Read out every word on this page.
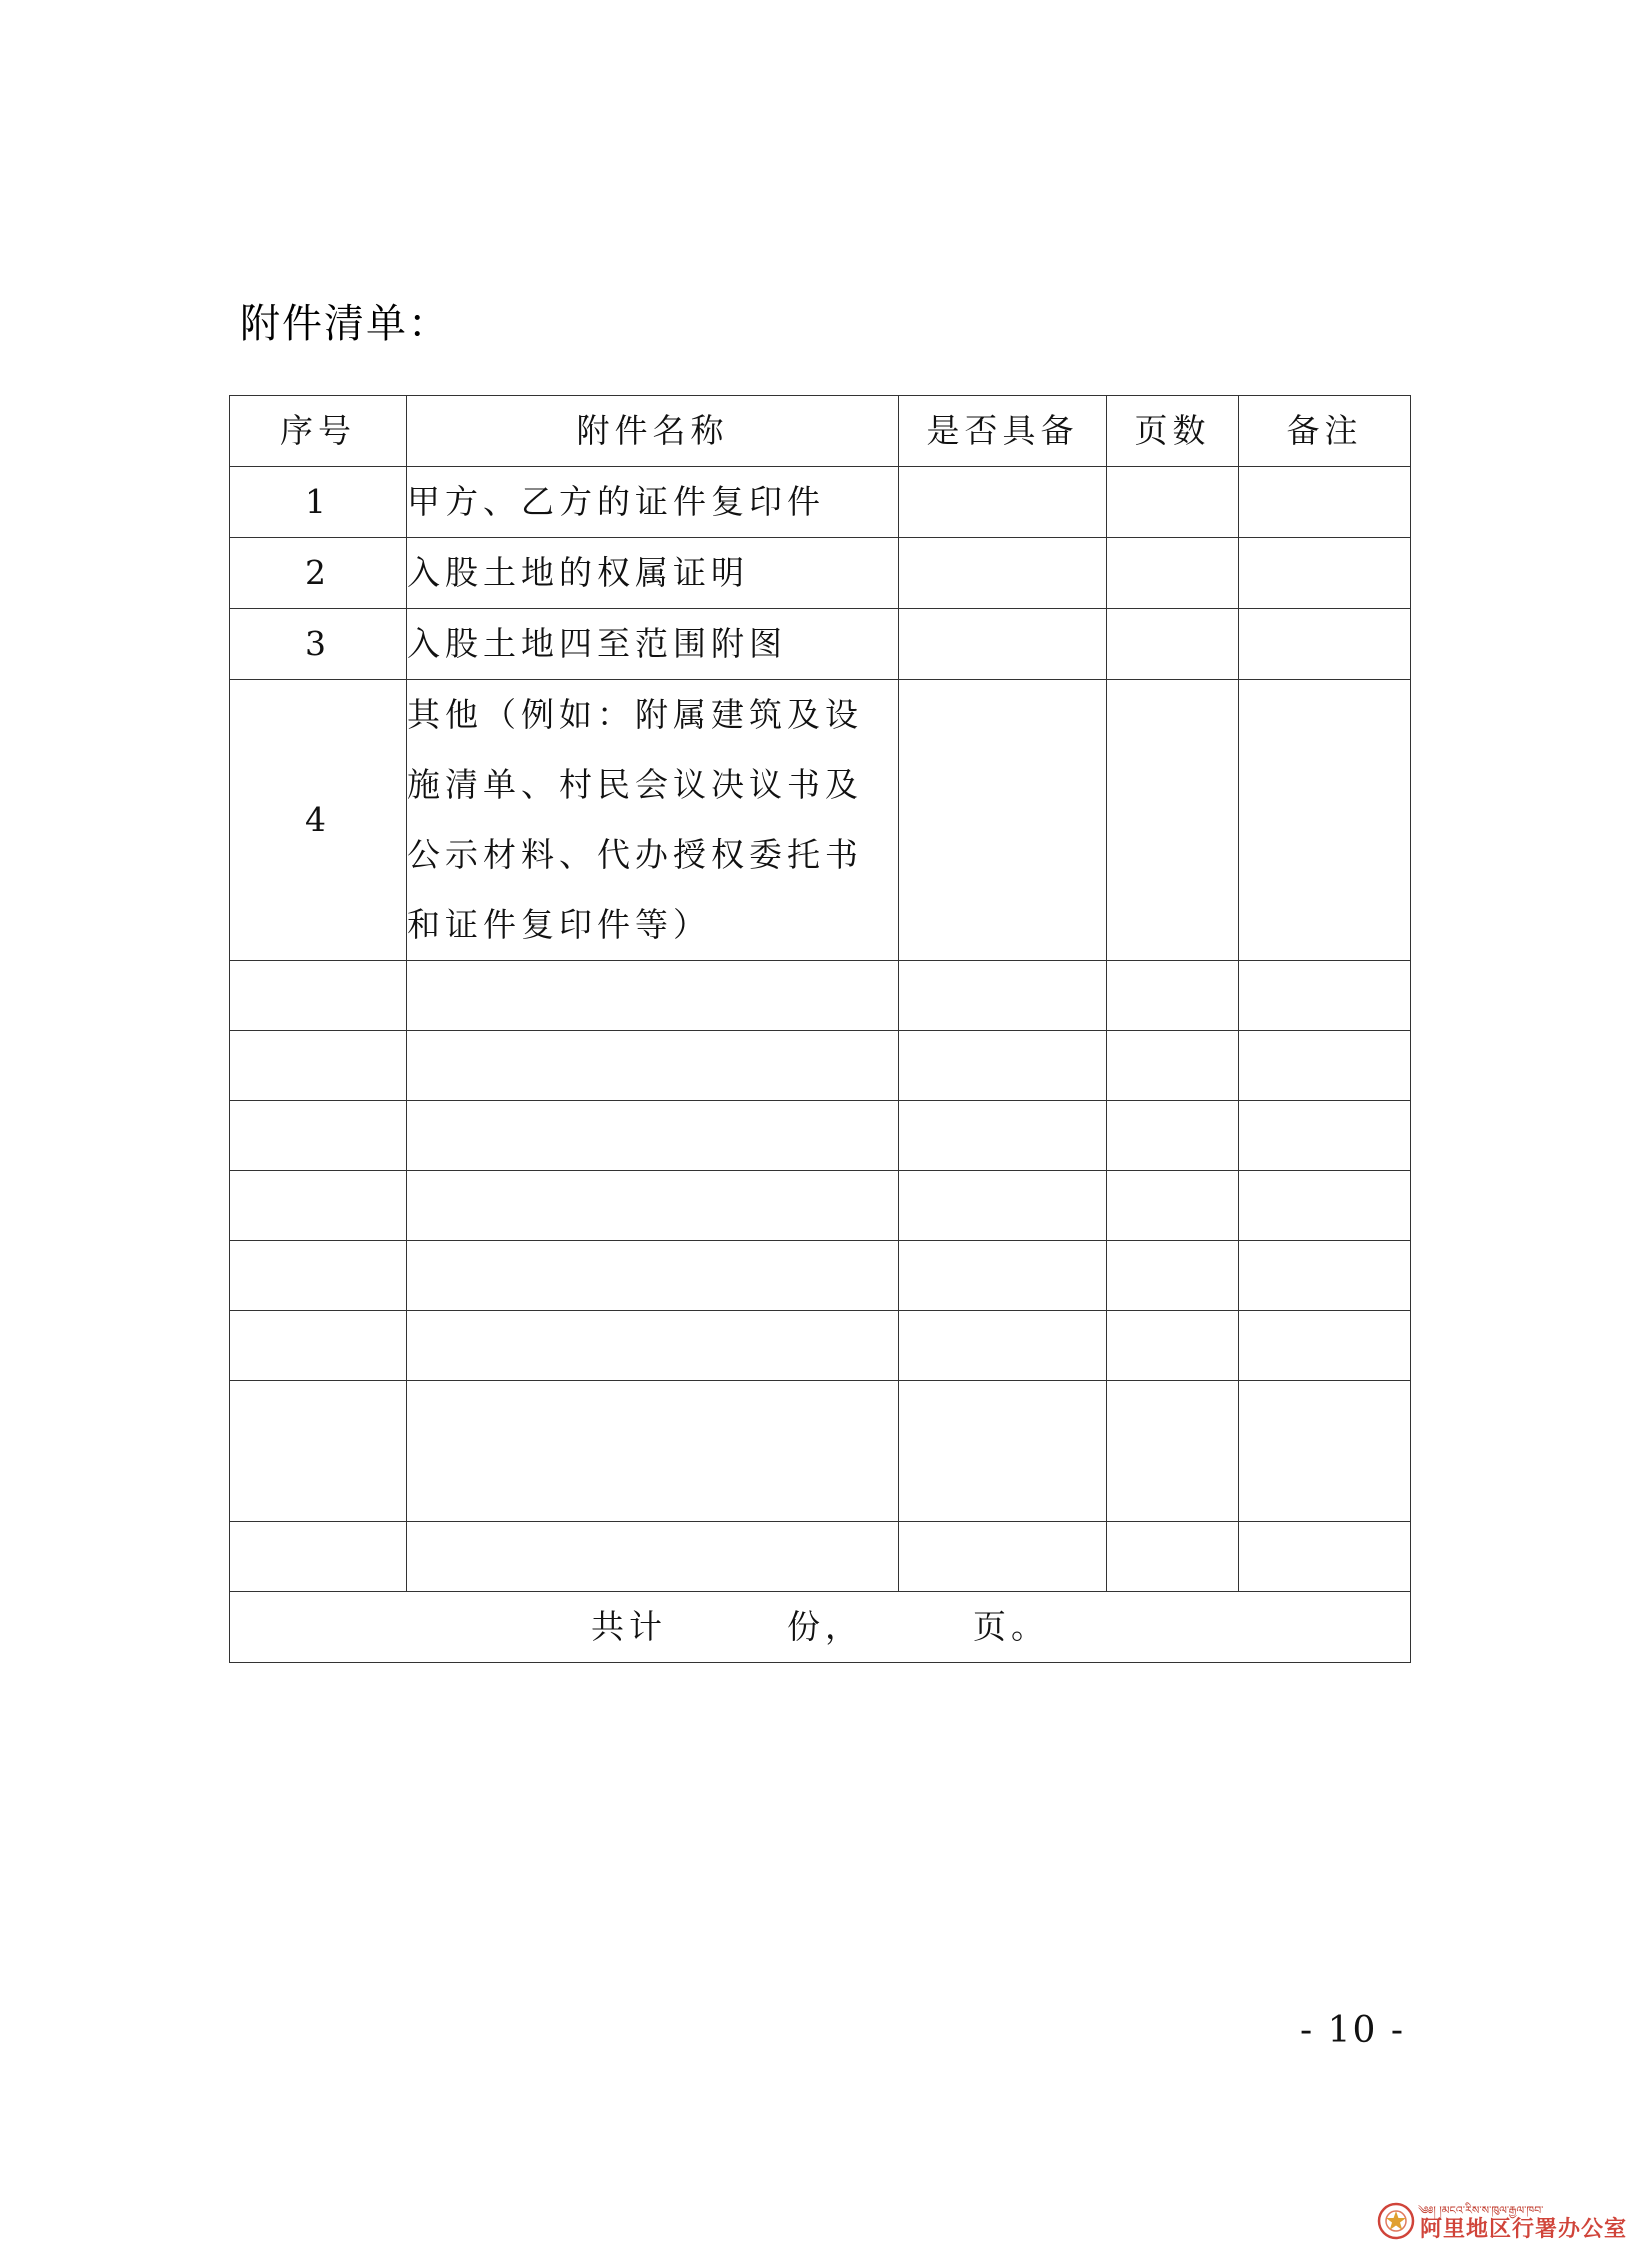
附件清单：
序号	附件名称	是否具备	页数	备注
1	甲方、乙方的证件复印件			
2	入股土地的权属证明			
3	入股土地四至范围附图			
4	其他（例如：附属建筑及设
施清单、村民会议决议书及
公示材料、代办授权委托书
和证件复印件等）			

共计 份， 页。				
- 10 -
༄༅། །མངའ་རིས་ས་ཁུལ་རྒྱལ་ཁབ་
阿里地区行署办公室
